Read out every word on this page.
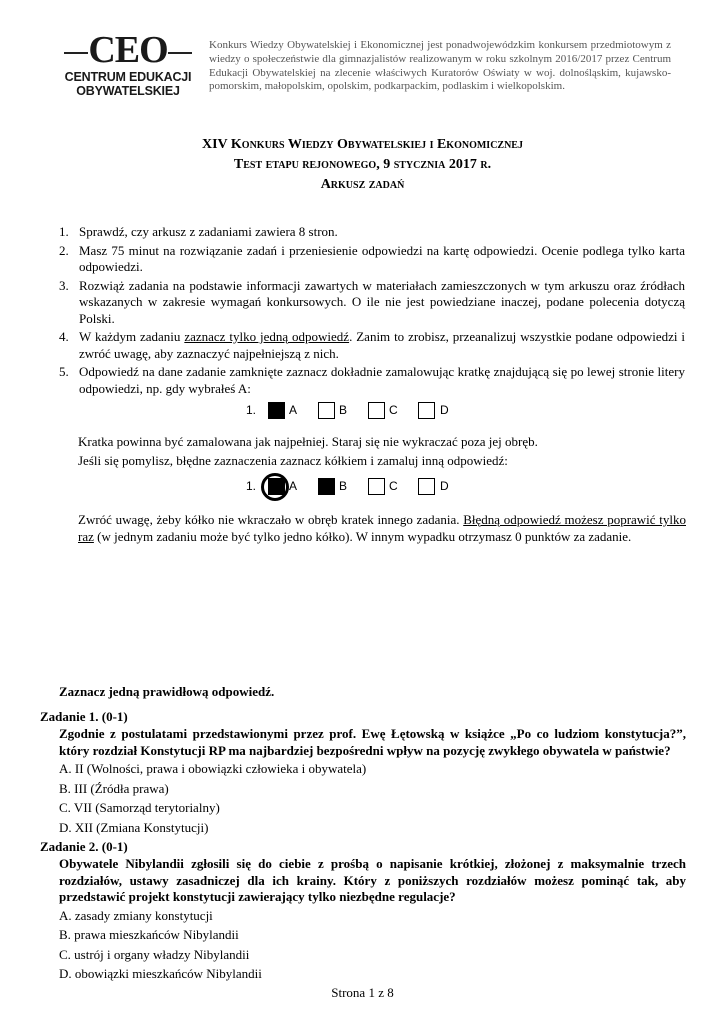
CEO
CENTRUM EDUKACJI
OBYWATELSKIEJ
Konkurs Wiedzy Obywatelskiej i Ekonomicznej jest ponadwojewódzkim konkursem przedmiotowym z wiedzy o społeczeństwie dla gimnazjalistów realizowanym w roku szkolnym 2016/2017 przez Centrum Edukacji Obywatelskiej na zlecenie właściwych Kuratorów Oświaty w woj. dolnośląskim, kujawsko-pomorskim, małopolskim, opolskim, podkarpackim, podlaskim i wielkopolskim.
XIV Konkurs Wiedzy Obywatelskiej i Ekonomicznej
Test etapu rejonowego, 9 stycznia 2017 r.
Arkusz zadań
1. Sprawdź, czy arkusz z zadaniami zawiera 8 stron.
2. Masz 75 minut na rozwiązanie zadań i przeniesienie odpowiedzi na kartę odpowiedzi. Ocenie podlega tylko karta odpowiedzi.
3. Rozwiąż zadania na podstawie informacji zawartych w materiałach zamieszczonych w tym arkuszu oraz źródłach wskazanych w zakresie wymagań konkursowych. O ile nie jest powiedziane inaczej, podane polecenia dotyczą Polski.
4. W każdym zadaniu zaznacz tylko jedną odpowiedź. Zanim to zrobisz, przeanalizuj wszystkie podane odpowiedzi i zwróć uwagę, aby zaznaczyć najpełniejszą z nich.
5. Odpowiedź na dane zadanie zamknięte zaznacz dokładnie zamalowując kratkę znajdującą się po lewej stronie litery odpowiedzi, np. gdy wybrałeś A:
1.	A	B	C	D
Kratka powinna być zamalowana jak najpełniej. Staraj się nie wykraczać poza jej obręb.
Jeśli się pomylisz, błędne zaznaczenia zaznacz kółkiem i zamaluj inną odpowiedź:
1.	A	B	C	D
Zwróć uwagę, żeby kółko nie wkraczało w obręb kratek innego zadania. Błędną odpowiedź możesz poprawić tylko raz (w jednym zadaniu może być tylko jedno kółko). W innym wypadku otrzymasz 0 punktów za zadanie.
Zaznacz jedną prawidłową odpowiedź.
Zadanie 1. (0-1)
Zgodnie z postulatami przedstawionymi przez prof. Ewę Łętowską w książce „Po co ludziom konstytucja?”, który rozdział Konstytucji RP ma najbardziej bezpośredni wpływ na pozycję zwykłego obywatela w państwie?
A. II (Wolności, prawa i obowiązki człowieka i obywatela)
B. III (Źródła prawa)
C. VII (Samorząd terytorialny)
D. XII (Zmiana Konstytucji)
Zadanie 2. (0-1)
Obywatele Nibylandii zgłosili się do ciebie z prośbą o napisanie krótkiej, złożonej z maksymalnie trzech rozdziałów, ustawy zasadniczej dla ich krainy. Który z poniższych rozdziałów możesz pominąć tak, aby przedstawić projekt konstytucji zawierający tylko niezbędne regulacje?
A. zasady zmiany konstytucji
B. prawa mieszkańców Nibylandii
C. ustrój i organy władzy Nibylandii
D. obowiązki mieszkańców Nibylandii
Strona 1 z 8
